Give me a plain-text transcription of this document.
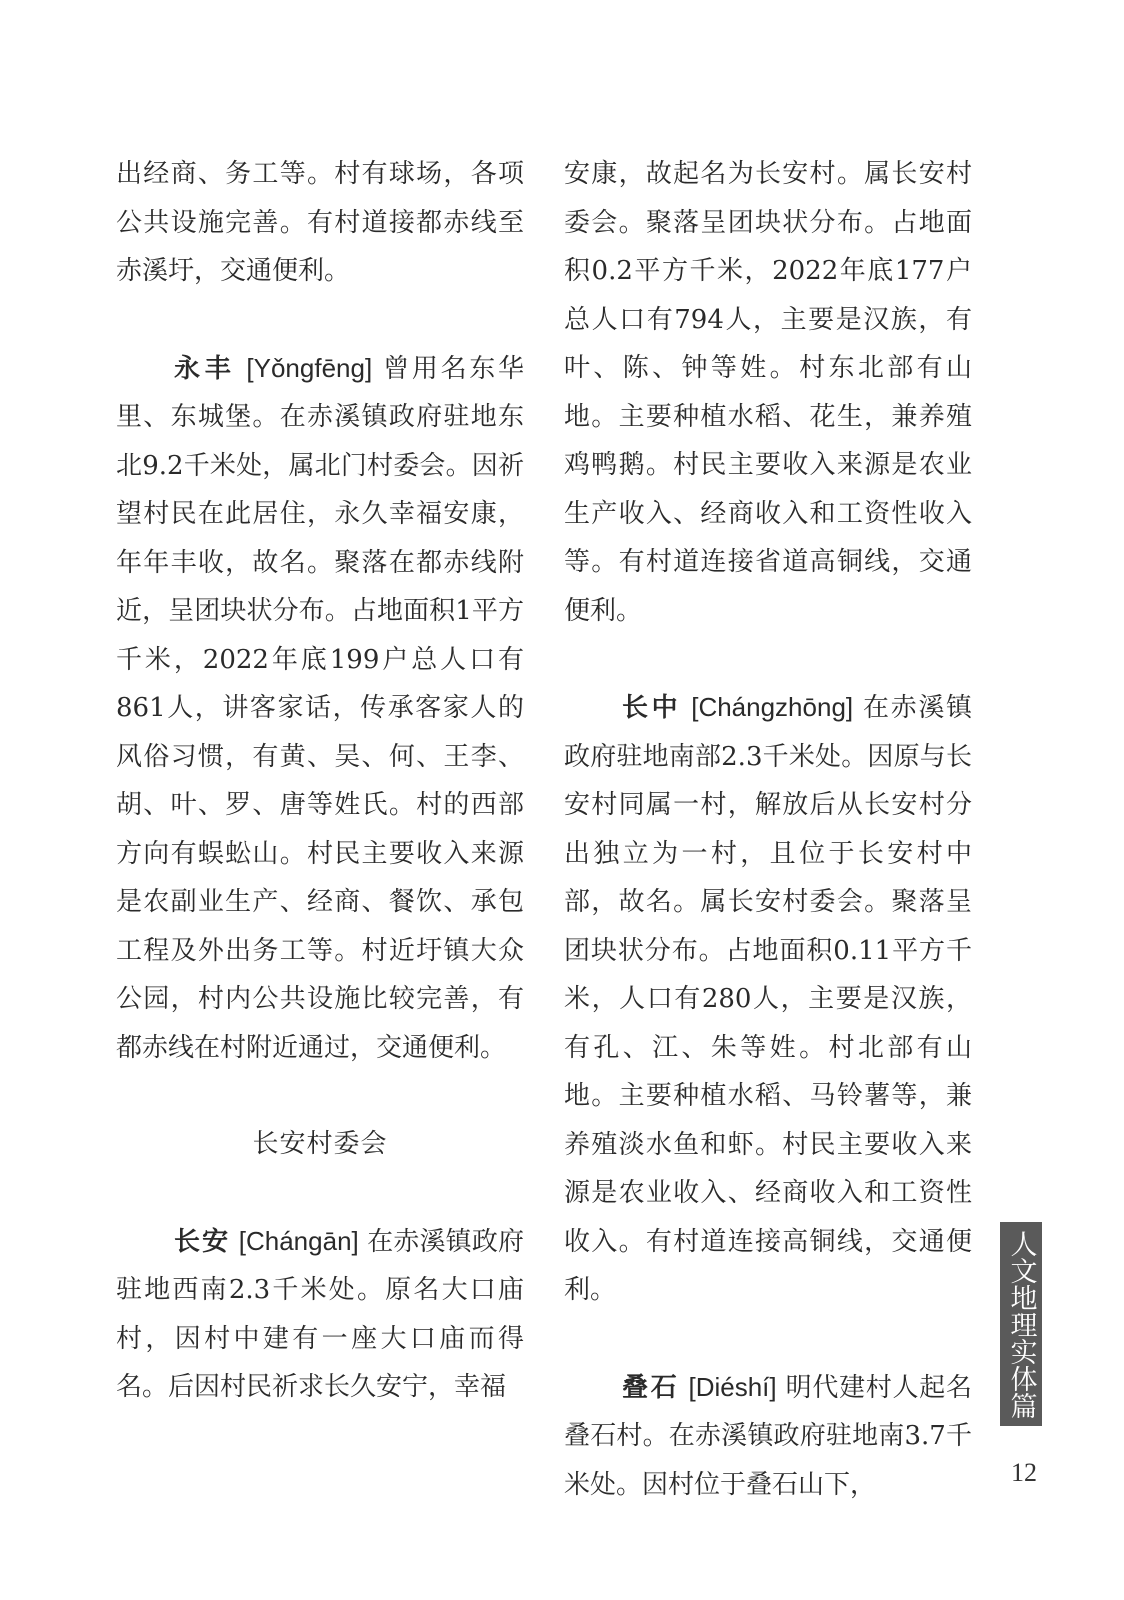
出经商、务工等。村有球场，各项公共设施完善。有村道接都赤线至赤溪圩，交通便利。

永丰 [Yǒngfēng] 曾用名东华里、东城堡。在赤溪镇政府驻地东北9.2千米处，属北门村委会。因祈望村民在此居住，永久幸福安康，年年丰收，故名。聚落在都赤线附近，呈团块状分布。占地面积1平方千米，2022年底199户总人口有861人，讲客家话，传承客家人的风俗习惯，有黄、吴、何、王李、胡、叶、罗、唐等姓氏。村的西部方向有蜈蚣山。村民主要收入来源是农副业生产、经商、餐饮、承包工程及外出务工等。村近圩镇大众公园，村内公共设施比较完善，有都赤线在村附近通过，交通便利。

长安村委会

长安 [Chángān] 在赤溪镇政府驻地西南2.3千米处。原名大口庙村，因村中建有一座大口庙而得名。后因村民祈求长久安宁，幸福

安康，故起名为长安村。属长安村委会。聚落呈团块状分布。占地面积0.2平方千米，2022年底177户总人口有794人，主要是汉族，有叶、陈、钟等姓。村东北部有山地。主要种植水稻、花生，兼养殖鸡鸭鹅。村民主要收入来源是农业生产收入、经商收入和工资性收入等。有村道连接省道高铜线，交通便利。

长中 [Chángzhōng] 在赤溪镇政府驻地南部2.3千米处。因原与长安村同属一村，解放后从长安村分出独立为一村，且位于长安村中部，故名。属长安村委会。聚落呈团块状分布。占地面积0.11平方千米，人口有280人，主要是汉族，有孔、江、朱等姓。村北部有山地。主要种植水稻、马铃薯等，兼养殖淡水鱼和虾。村民主要收入来源是农业收入、经商收入和工资性收入。有村道连接高铜线，交通便利。

叠石 [Diéshí] 明代建村人起名叠石村。在赤溪镇政府驻地南3.7千米处。因村位于叠石山下，

人文地理实体篇
12
